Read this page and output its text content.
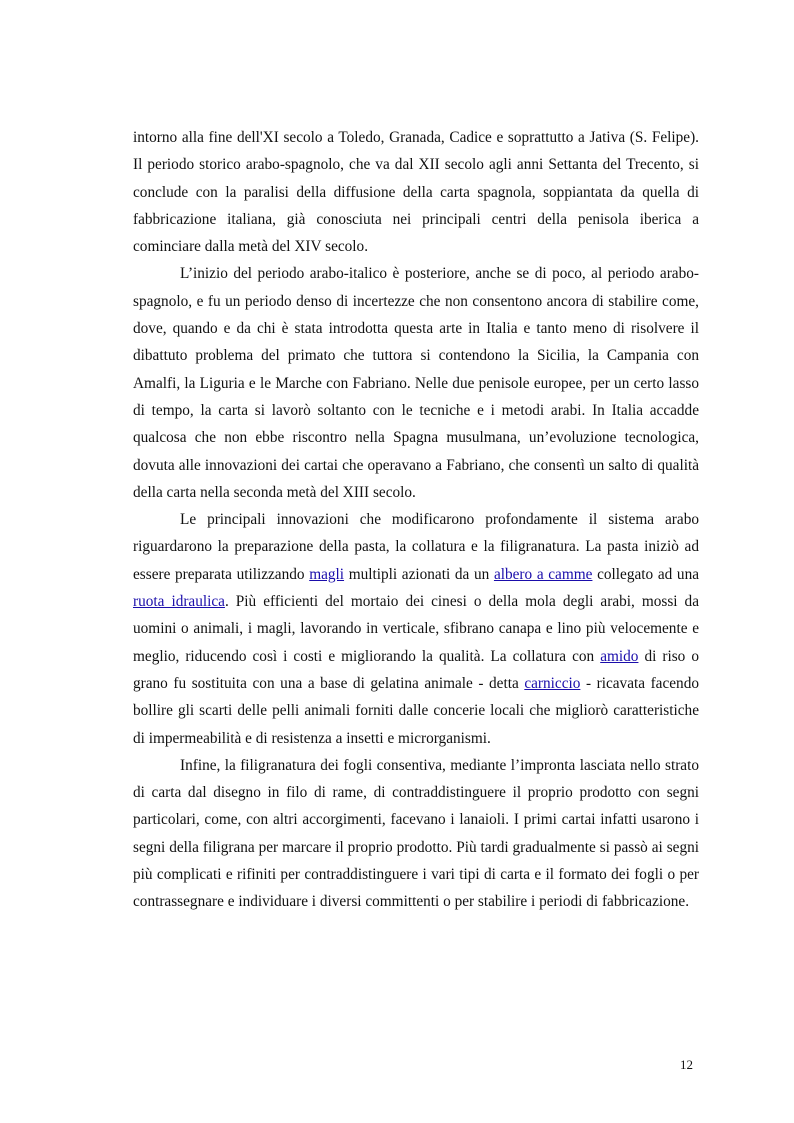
intorno alla fine dell'XI secolo a Toledo, Granada, Cadice e soprattutto a Jativa (S. Felipe). Il periodo storico arabo-spagnolo, che va dal XII secolo agli anni Settanta del Trecento, si conclude con la paralisi della diffusione della carta spagnola, soppiantata da quella di fabbricazione italiana, già conosciuta nei principali centri della penisola iberica a cominciare dalla metà del XIV secolo.

L’inizio del periodo arabo-italico è posteriore, anche se di poco, al periodo arabo-spagnolo, e fu un periodo denso di incertezze che non consentono ancora di stabilire come, dove, quando e da chi è stata introdotta questa arte in Italia e tanto meno di risolvere il dibattuto problema del primato che tuttora si contendono la Sicilia, la Campania con Amalfi, la Liguria e le Marche con Fabriano. Nelle due penisole europee, per un certo lasso di tempo, la carta si lavorò soltanto con le tecniche e i metodi arabi. In Italia accadde qualcosa che non ebbe riscontro nella Spagna musulmana, un’evoluzione tecnologica, dovuta alle innovazioni dei cartai che operavano a Fabriano, che consentì un salto di qualità della carta nella seconda metà del XIII secolo.

Le principali innovazioni che modificarono profondamente il sistema arabo riguardarono la preparazione della pasta, la collatura e la filigranatura. La pasta iniziò ad essere preparata utilizzando magli multipli azionati da un albero a camme collegato ad una ruota idraulica. Più efficienti del mortaio dei cinesi o della mola degli arabi, mossi da uomini o animali, i magli, lavorando in verticale, sfibrano canapa e lino più velocemente e meglio, riducendo così i costi e migliorando la qualità. La collatura con amido di riso o grano fu sostituita con una a base di gelatina animale - detta carniccio - ricavata facendo bollire gli scarti delle pelli animali forniti dalle concerie locali che migliorò caratteristiche di impermeabilità e di resistenza a insetti e microrganismi.

Infine, la filigranatura dei fogli consentiva, mediante l’impronta lasciata nello strato di carta dal disegno in filo di rame, di contraddistinguere il proprio prodotto con segni particolari, come, con altri accorgimenti, facevano i lanaioli. I primi cartai infatti usarono i segni della filigrana per marcare il proprio prodotto. Più tardi gradualmente si passò ai segni più complicati e rifiniti per contraddistinguere i vari tipi di carta e il formato dei fogli o per contrassegnare e individuare i diversi committenti o per stabilire i periodi di fabbricazione.

12
